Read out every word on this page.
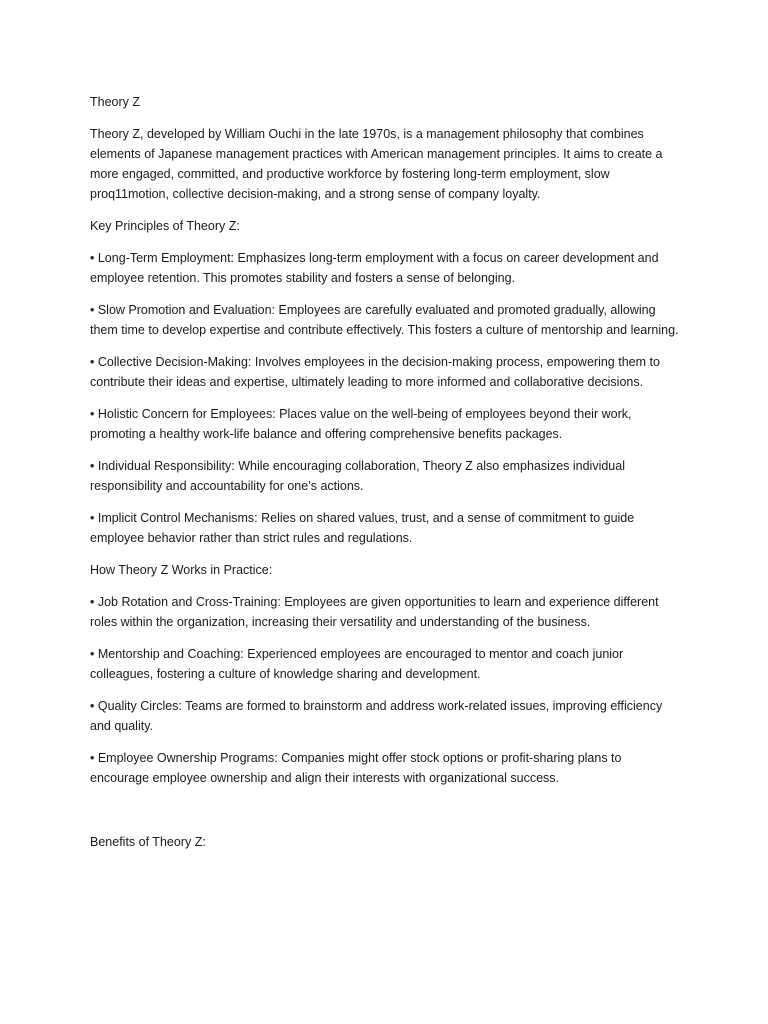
Theory Z

Theory Z, developed by William Ouchi in the late 1970s, is a management philosophy that combines elements of Japanese management practices with American management principles. It aims to create a more engaged, committed, and productive workforce by fostering long-term employment, slow proq11motion, collective decision-making, and a strong sense of company loyalty.

Key Principles of Theory Z:

• Long-Term Employment: Emphasizes long-term employment with a focus on career development and employee retention. This promotes stability and fosters a sense of belonging.

• Slow Promotion and Evaluation: Employees are carefully evaluated and promoted gradually, allowing them time to develop expertise and contribute effectively. This fosters a culture of mentorship and learning.

• Collective Decision-Making: Involves employees in the decision-making process, empowering them to contribute their ideas and expertise, ultimately leading to more informed and collaborative decisions.

• Holistic Concern for Employees: Places value on the well-being of employees beyond their work, promoting a healthy work-life balance and offering comprehensive benefits packages.

• Individual Responsibility: While encouraging collaboration, Theory Z also emphasizes individual responsibility and accountability for one’s actions.

• Implicit Control Mechanisms: Relies on shared values, trust, and a sense of commitment to guide employee behavior rather than strict rules and regulations.

How Theory Z Works in Practice:

• Job Rotation and Cross-Training: Employees are given opportunities to learn and experience different roles within the organization, increasing their versatility and understanding of the business.

• Mentorship and Coaching: Experienced employees are encouraged to mentor and coach junior colleagues, fostering a culture of knowledge sharing and development.

• Quality Circles: Teams are formed to brainstorm and address work-related issues, improving efficiency and quality.

• Employee Ownership Programs: Companies might offer stock options or profit-sharing plans to encourage employee ownership and align their interests with organizational success.

Benefits of Theory Z:
